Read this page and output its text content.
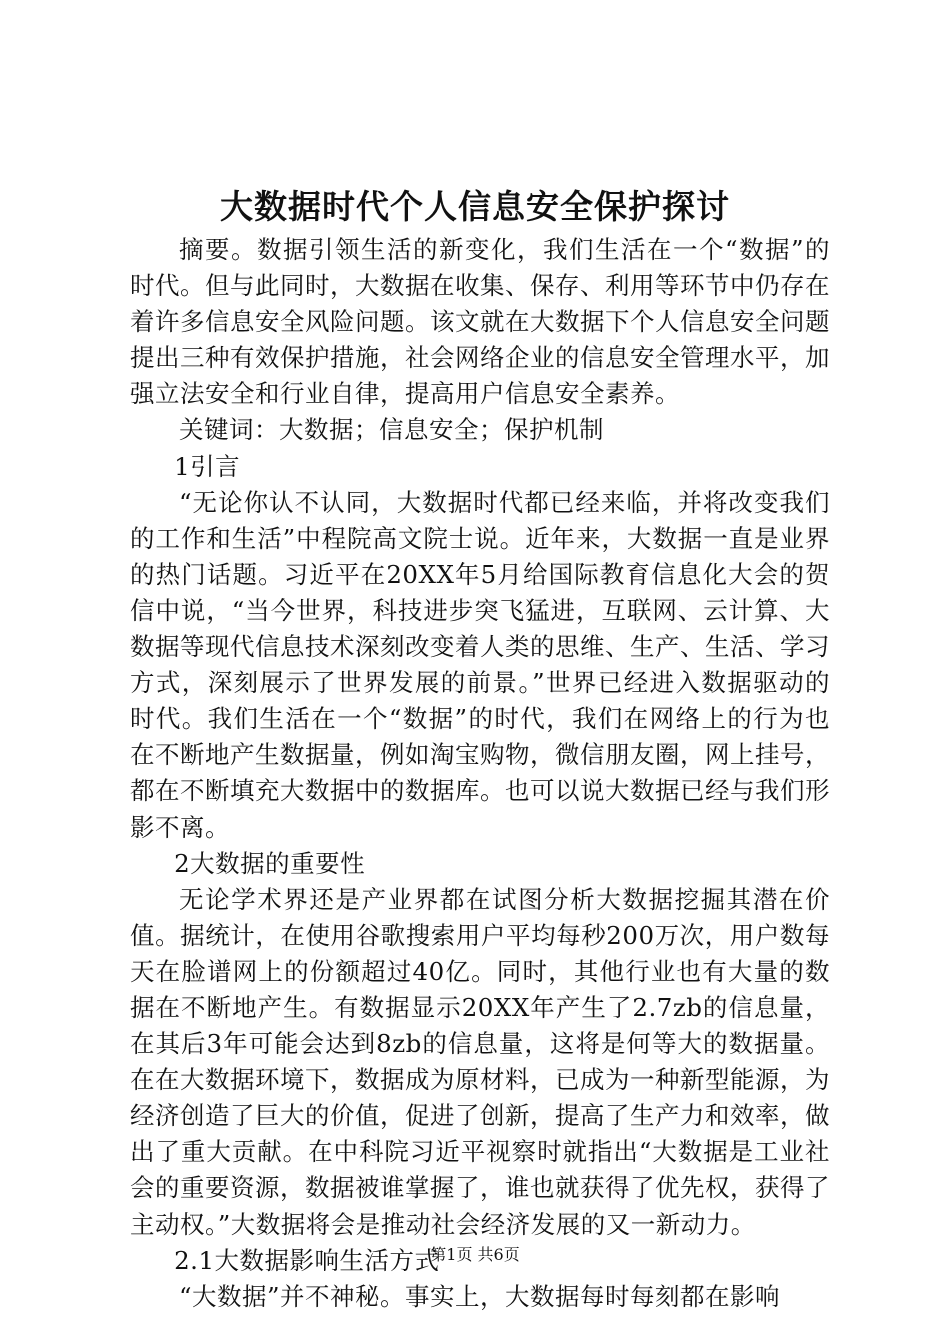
大数据时代个人信息安全保护探讨

摘要。数据引领生活的新变化，我们生活在一个“数据”的时代。但与此同时，大数据在收集、保存、利用等环节中仍存在着许多信息安全风险问题。该文就在大数据下个人信息安全问题提出三种有效保护措施，社会网络企业的信息安全管理水平，加强立法安全和行业自律，提高用户信息安全素养。

关键词：大数据；信息安全；保护机制

1引言

“无论你认不认同，大数据时代都已经来临，并将改变我们的工作和生活”中程院高文院士说。近年来，大数据一直是业界的热门话题。习近平在20XX年5月给国际教育信息化大会的贺信中说，“当今世界，科技进步突飞猛进，互联网、云计算、大数据等现代信息技术深刻改变着人类的思维、生产、生活、学习方式，深刻展示了世界发展的前景。”世界已经进入数据驱动的时代。我们生活在一个“数据”的时代，我们在网络上的行为也在不断地产生数据量，例如淘宝购物，微信朋友圈，网上挂号，都在不断填充大数据中的数据库。也可以说大数据已经与我们形影不离。

2大数据的重要性

无论学术界还是产业界都在试图分析大数据挖掘其潜在价值。据统计，在使用谷歌搜索用户平均每秒200万次，用户数每天在脸谱网上的份额超过40亿。同时，其他行业也有大量的数据在不断地产生。有数据显示20XX年产生了2.7zb的信息量，在其后3年可能会达到8zb的信息量，这将是何等大的数据量。在在大数据环境下，数据成为原材料，已成为一种新型能源，为经济创造了巨大的价值，促进了创新，提高了生产力和效率，做出了重大贡献。在中科院习近平视察时就指出“大数据是工业社会的重要资源，数据被谁掌握了，谁也就获得了优先权，获得了主动权。”大数据将会是推动社会经济发展的又一新动力。

2.1大数据影响生活方式

“大数据”并不神秘。事实上，大数据每时每刻都在影响

第1页 共6页
